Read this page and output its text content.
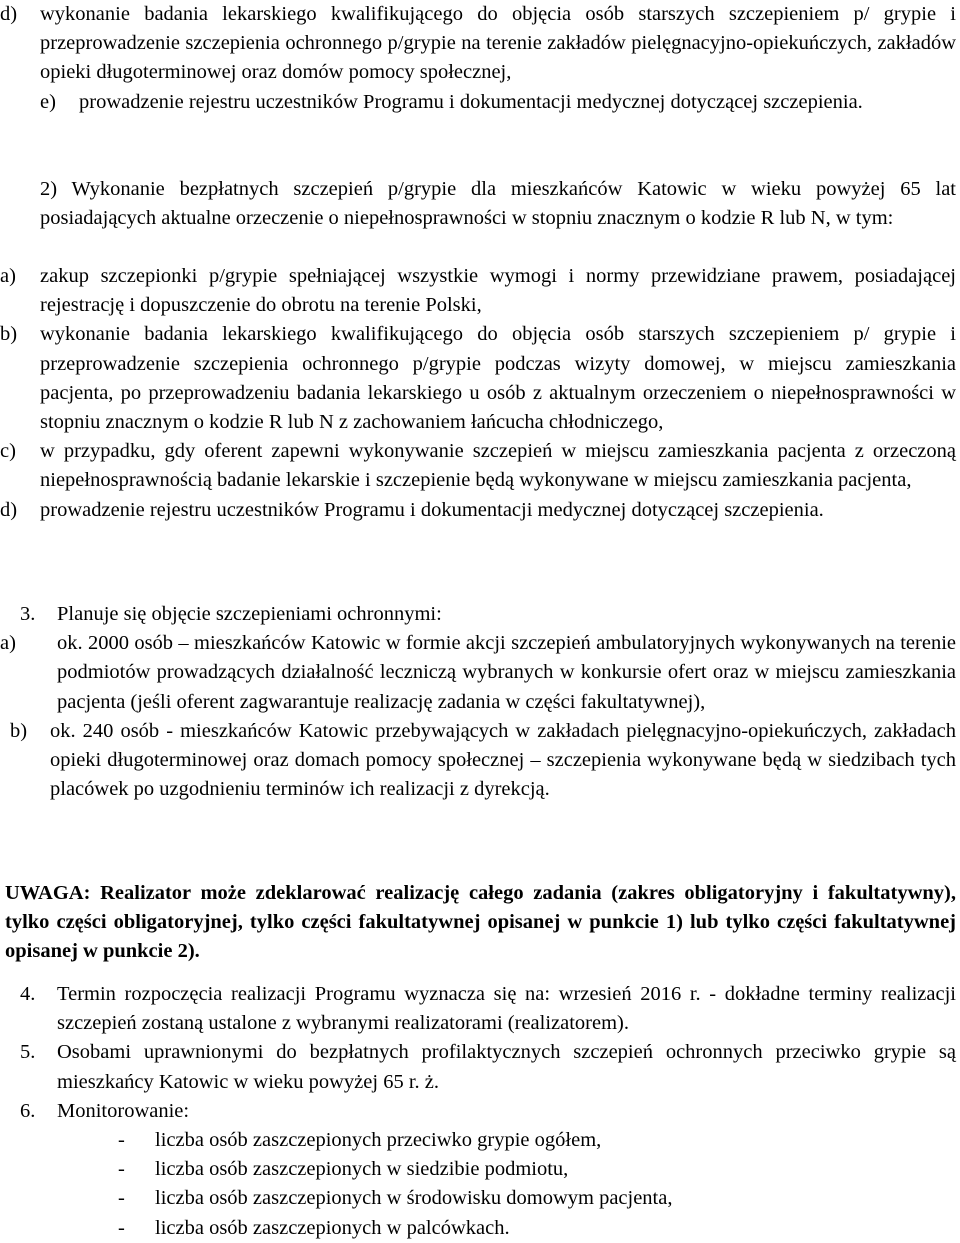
d)	wykonanie badania lekarskiego kwalifikującego do objęcia osób starszych szczepieniem p/ grypie i przeprowadzenie szczepienia ochronnego p/grypie na terenie zakładów pielęgnacyjno-opiekuńczych, zakładów opieki długoterminowej oraz domów pomocy społecznej,
e)	prowadzenie rejestru uczestników Programu i dokumentacji medycznej dotyczącej szczepienia.

2) Wykonanie bezpłatnych szczepień p/grypie dla mieszkańców Katowic w wieku powyżej 65 lat posiadających aktualne orzeczenie o niepełnosprawności w stopniu znacznym o kodzie R lub N, w tym:

a)	zakup szczepionki p/grypie spełniającej wszystkie wymogi i normy przewidziane prawem, posiadającej rejestrację i dopuszczenie do obrotu na terenie Polski,
b)	wykonanie badania lekarskiego kwalifikującego do objęcia osób starszych szczepieniem p/ grypie i przeprowadzenie szczepienia ochronnego p/grypie podczas wizyty domowej, w miejscu zamieszkania pacjenta, po przeprowadzeniu badania lekarskiego u osób z aktualnym orzeczeniem o niepełnosprawności w stopniu znacznym o kodzie R lub N z zachowaniem łańcucha chłodniczego,
c)	w przypadku, gdy oferent zapewni wykonywanie szczepień w miejscu zamieszkania pacjenta z orzeczoną niepełnosprawnością badanie lekarskie i szczepienie będą wykonywane w miejscu zamieszkania pacjenta,
d)	prowadzenie rejestru uczestników Programu i dokumentacji medycznej dotyczącej szczepienia.
3.	Planuje się objęcie szczepieniami ochronnymi:
a)	ok. 2000 osób – mieszkańców Katowic w formie akcji szczepień ambulatoryjnych wykonywanych na terenie podmiotów prowadzących działalność leczniczą wybranych w konkursie ofert oraz w miejscu zamieszkania pacjenta (jeśli oferent zagwarantuje realizację zadania w części fakultatywnej),
b)	ok. 240 osób - mieszkańców Katowic przebywających w zakładach pielęgnacyjno-opiekuńczych, zakładach opieki długoterminowej oraz domach pomocy społecznej – szczepienia wykonywane będą w siedzibach tych placówek po uzgodnieniu terminów ich realizacji z dyrekcją.

UWAGA: Realizator może zdeklarować realizację całego zadania (zakres obligatoryjny i fakultatywny), tylko części obligatoryjnej, tylko części fakultatywnej opisanej w punkcie 1) lub tylko części fakultatywnej opisanej w punkcie 2).

4.	Termin rozpoczęcia realizacji Programu wyznacza się na: wrzesień 2016 r. - dokładne terminy realizacji szczepień zostaną ustalone z wybranymi realizatorami (realizatorem).
5.	Osobami uprawnionymi do bezpłatnych profilaktycznych szczepień ochronnych przeciwko grypie są mieszkańcy Katowic w wieku powyżej 65 r. ż.
6.	Monitorowanie:
-	liczba osób zaszczepionych przeciwko grypie ogółem,
-	liczba osób zaszczepionych w siedzibie podmiotu,
-	liczba osób zaszczepionych w środowisku domowym pacjenta,
-	liczba osób zaszczepionych w palcówkach.
